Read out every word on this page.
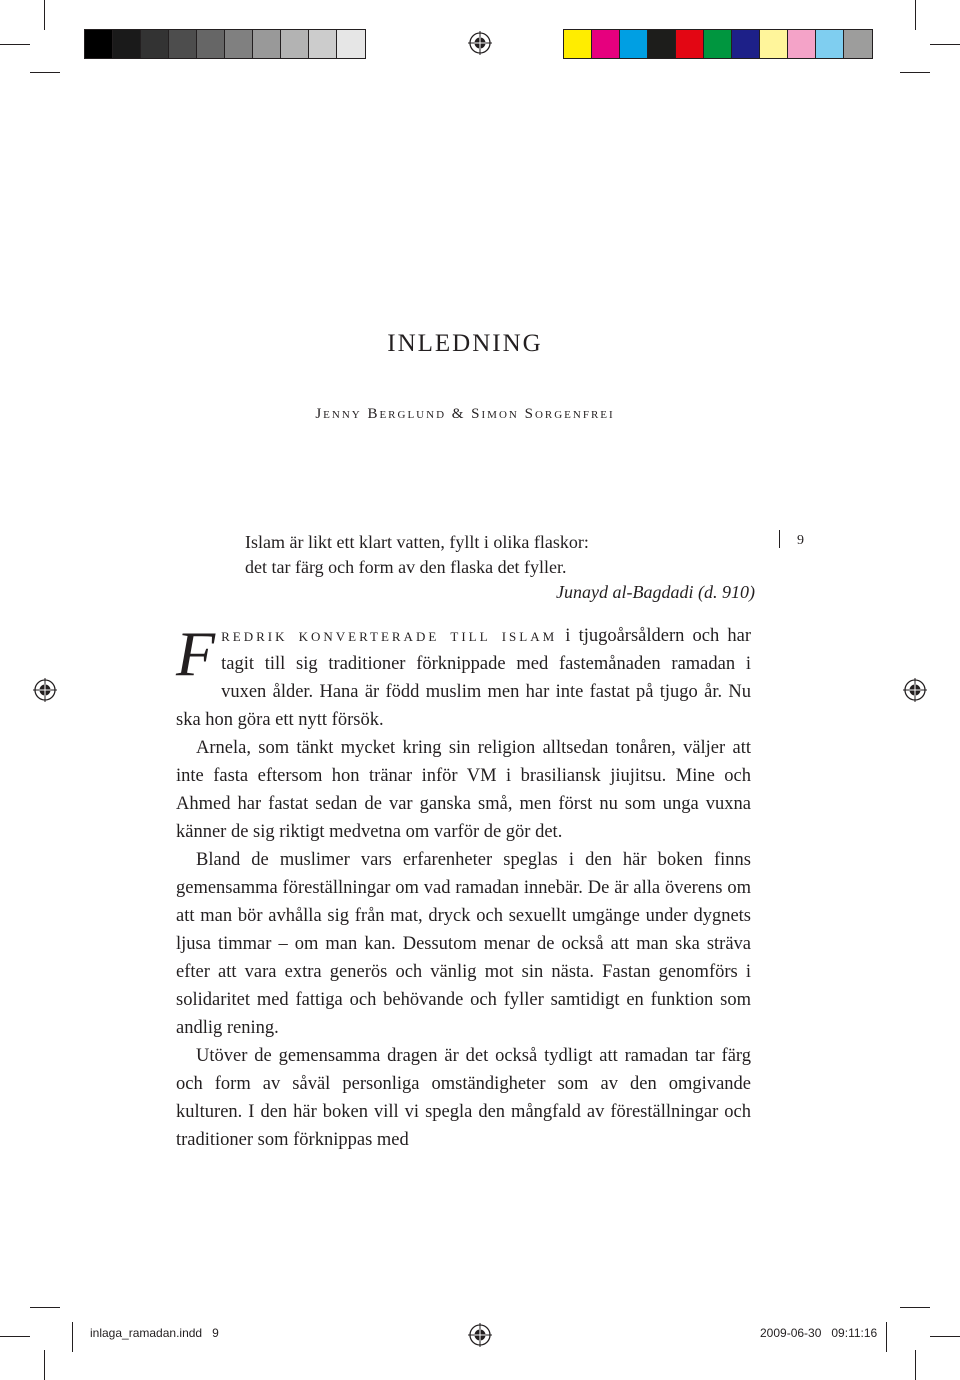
inledning
Jenny Berglund & Simon Sorgenfrei
Islam är likt ett klart vatten, fyllt i olika flaskor:
det tar färg och form av den flaska det fyller.
Junayd al-Bagdadi (d. 910)
9

Fredrik konverterade till islam i tjugoårsåldern och har tagit till sig traditioner förknippade med fastemånaden ramadan i vuxen ålder. Hana är född muslim men har inte fastat på tjugo år. Nu ska hon göra ett nytt försök.

Arnela, som tänkt mycket kring sin religion alltsedan tonåren, väljer att inte fasta eftersom hon tränar inför VM i brasiliansk jiujitsu. Mine och Ahmed har fastat sedan de var ganska små, men först nu som unga vuxna känner de sig riktigt medvetna om varför de gör det.

Bland de muslimer vars erfarenheter speglas i den här boken finns gemensamma föreställningar om vad ramadan innebär. De är alla överens om att man bör avhålla sig från mat, dryck och sexuellt umgänge under dygnets ljusa timmar – om man kan. Dessutom menar de också att man ska sträva efter att vara extra generös och vänlig mot sin nästa. Fastan genomförs i solidaritet med fattiga och behövande och fyller samtidigt en funktion som andlig rening.

Utöver de gemensamma dragen är det också tydligt att ramadan tar färg och form av såväl personliga omständigheter som av den omgivande kulturen. I den här boken vill vi spegla den mångfald av föreställningar och traditioner som förknippas med

inlaga_ramadan.indd   9	2009-06-30   09:11:16
